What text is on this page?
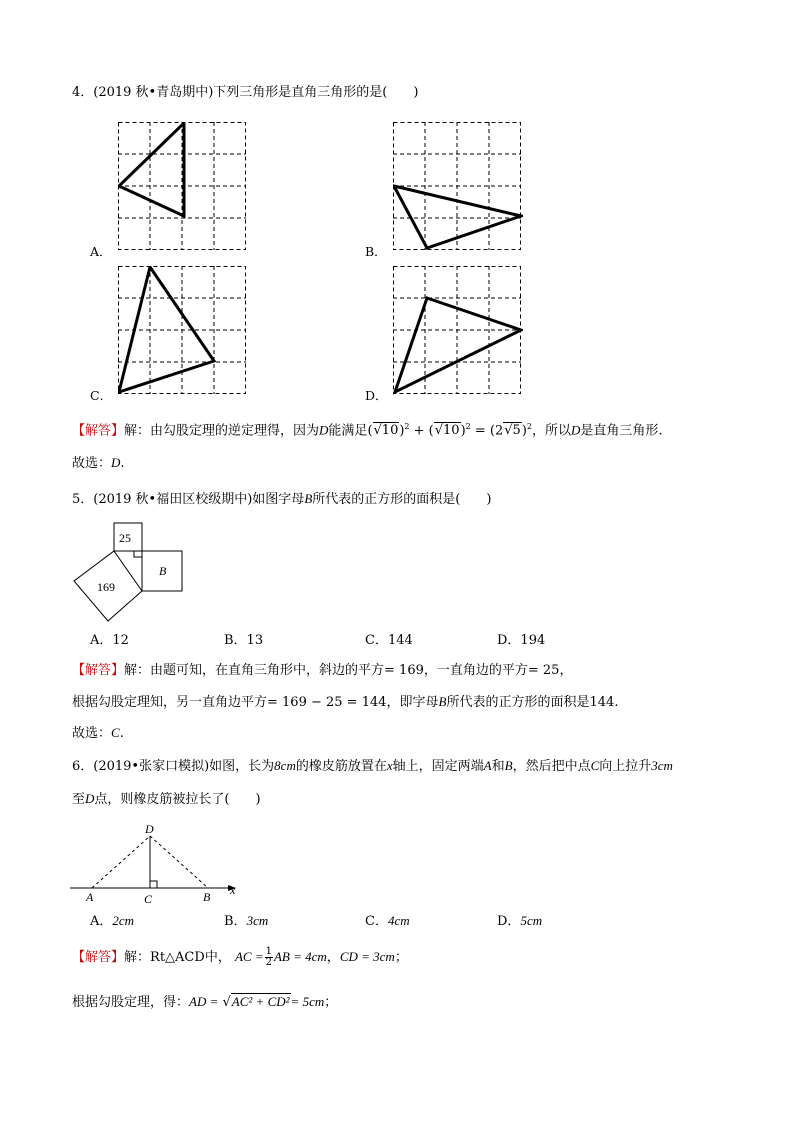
4．(2019 秋•青岛期中)下列三角形是直角三角形的是(　　)
A．	B．
C．	D．
【解答】解：由勾股定理的逆定理得，因为D能满足$(√10)^2 + (√10)^2 = (2√5)^2$，所以D是直角三角形.
故选：D.
5．(2019 秋•福田区校级期中)如图字母B所代表的正方形的面积是(　　)
25
169
B
A．12	B．13	C．144	D．194
【解答】解：由题可知，在直角三角形中，斜边的平方= 169，一直角边的平方= 25，
根据勾股定理知，另一直角边平方= 169 − 25 = 144，即字母B所代表的正方形的面积是144.
故选：C.
6．(2019•张家口模拟)如图，长为8cm的橡皮筋放置在x轴上，固定两端A和B，然后把中点C向上拉升3cm
至D点，则橡皮筋被拉长了(　　)
D
A	C	B x
A．2cm	B．3cm	C．4cm	D．5cm
【解答】解：Rt△ACD中， AC = $\frac{1}{2}$ AB = 4cm，CD = 3cm；
根据勾股定理，得：AD = √AC² + CD²= 5cm；
